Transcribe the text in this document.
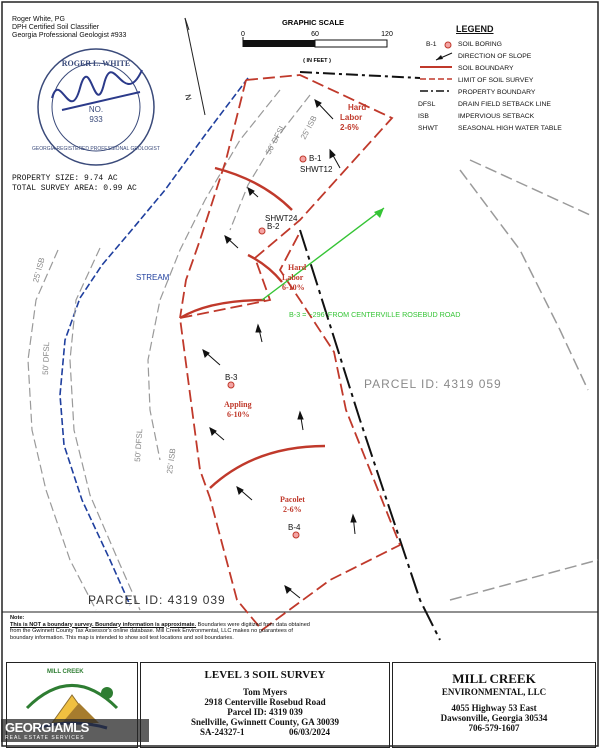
ROGER L. WHITE
GEORGIA REGISTERED PROFESSIONAL GEOLOGIST
NO.
933
Hard Labor 2-6%
Hard Labor 6-10%
Appling 6-10%
Pacolet 2-6%
B-1
SHWT12
SHWT24
B-2
B-3
B-4
STREAM
50' DFSL 25' ISB
25' ISB
50' DFSL
50' DFSL	25' ISB
B-3 = ~296' FROM CENTERVILLE ROSEBUD ROAD
PARCEL ID: 4319 059
PARCEL ID: 4319 039
GRAPHIC SCALE
0	60	120
( IN FEET )
N
Roger White, PG
DPH Certified Soil Classifier
Georgia Professional Geologist #933
PROPERTY SIZE: 9.74 AC
TOTAL SURVEY AREA: 0.99 AC
LEGEND
B-1	SOIL BORING
DIRECTION OF SLOPE
SOIL BOUNDARY
LIMIT OF SOIL SURVEY
PROPERTY BOUNDARY
DFSL	DRAIN FIELD SETBACK LINE
ISB	IMPERVIOUS SETBACK
SHWT	SEASONAL HIGH WATER TABLE
Note:
This is NOT a boundary survey. Boundary information is approximate. Boundaries were digitized from data obtained from the Gwinnett County Tax Assessor's online database. Mill Creek Environmental, LLC makes no guarantees of boundary information. This map is intended to show soil test locations and soil boundaries.
MILL CREEK
GEORGIAMLS
REAL ESTATE SERVICES
LEVEL 3 SOIL SURVEY
Tom Myers
2918 Centerville Rosebud Road
Parcel ID: 4319 039
Snellville, Gwinnett County, GA 30039
SA-24327-1	06/03/2024
MILL CREEK
ENVIRONMENTAL, LLC
4055 Highway 53 East
Dawsonville, Georgia 30534
706-579-1607
